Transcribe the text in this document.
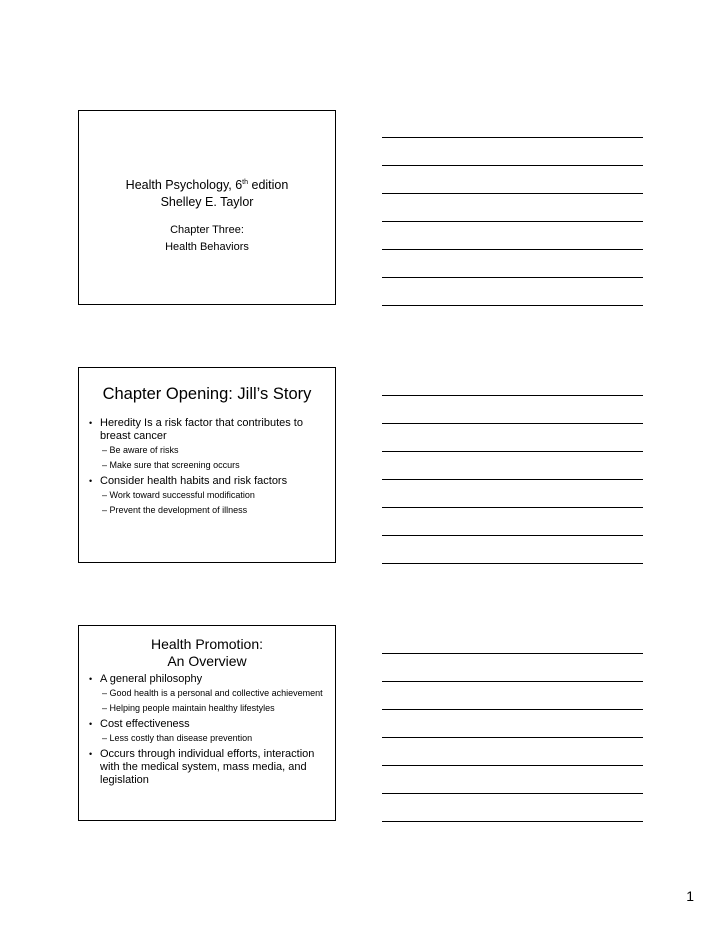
Health Psychology, 6th edition
Shelley E. Taylor
Chapter Three:
Health Behaviors
Chapter Opening: Jill’s Story
• Heredity Is a risk factor that contributes to breast cancer
– Be aware of risks
– Make sure that screening occurs
• Consider health habits and risk factors
– Work toward successful modification
– Prevent the development of illness
Health Promotion:
An Overview
• A general philosophy
– Good health is a personal and collective achievement
– Helping people maintain healthy lifestyles
• Cost effectiveness
– Less costly than disease prevention
• Occurs through individual efforts, interaction with the medical system, mass media, and legislation
1
